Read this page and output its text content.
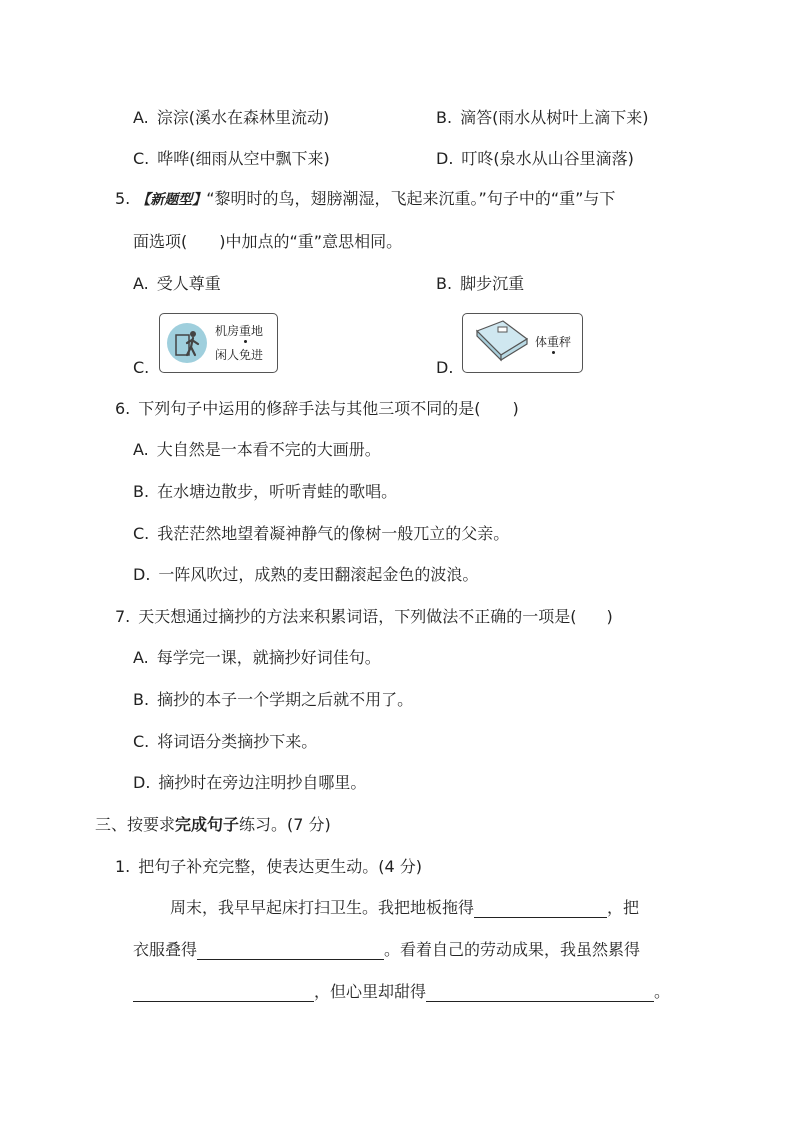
A. 淙淙(溪水在森林里流动)	B. 滴答(雨水从树叶上滴下来)
C. 哗哗(细雨从空中飘下来)	D. 叮咚(泉水从山谷里滴落)
5. 【新题型】“黎明时的鸟，翅膀潮湿，飞起来沉重。”句子中的“重”与下
面选项( )中加点的“重”意思相同。
A. 受人尊重	B. 脚步沉重
C.
机房重地
闲人免进
D.
体重秤
6. 下列句子中运用的修辞手法与其他三项不同的是( )
A. 大自然是一本看不完的大画册。
B. 在水塘边散步，听听青蛙的歌唱。
C. 我茫茫然地望着凝神静气的像树一般兀立的父亲。
D. 一阵风吹过，成熟的麦田翻滚起金色的波浪。
7. 天天想通过摘抄的方法来积累词语，下列做法不正确的一项是( )
A. 每学完一课，就摘抄好词佳句。
B. 摘抄的本子一个学期之后就不用了。
C. 将词语分类摘抄下来。
D. 摘抄时在旁边注明抄自哪里。
三、按要求完成句子练习。(7 分)
1. 把句子补充完整，使表达更生动。(4 分)
周末，我早早起床打扫卫生。我把地板拖得	，把
衣服叠得	。看着自己的劳动成果，我虽然累得
，但心里却甜得	。
